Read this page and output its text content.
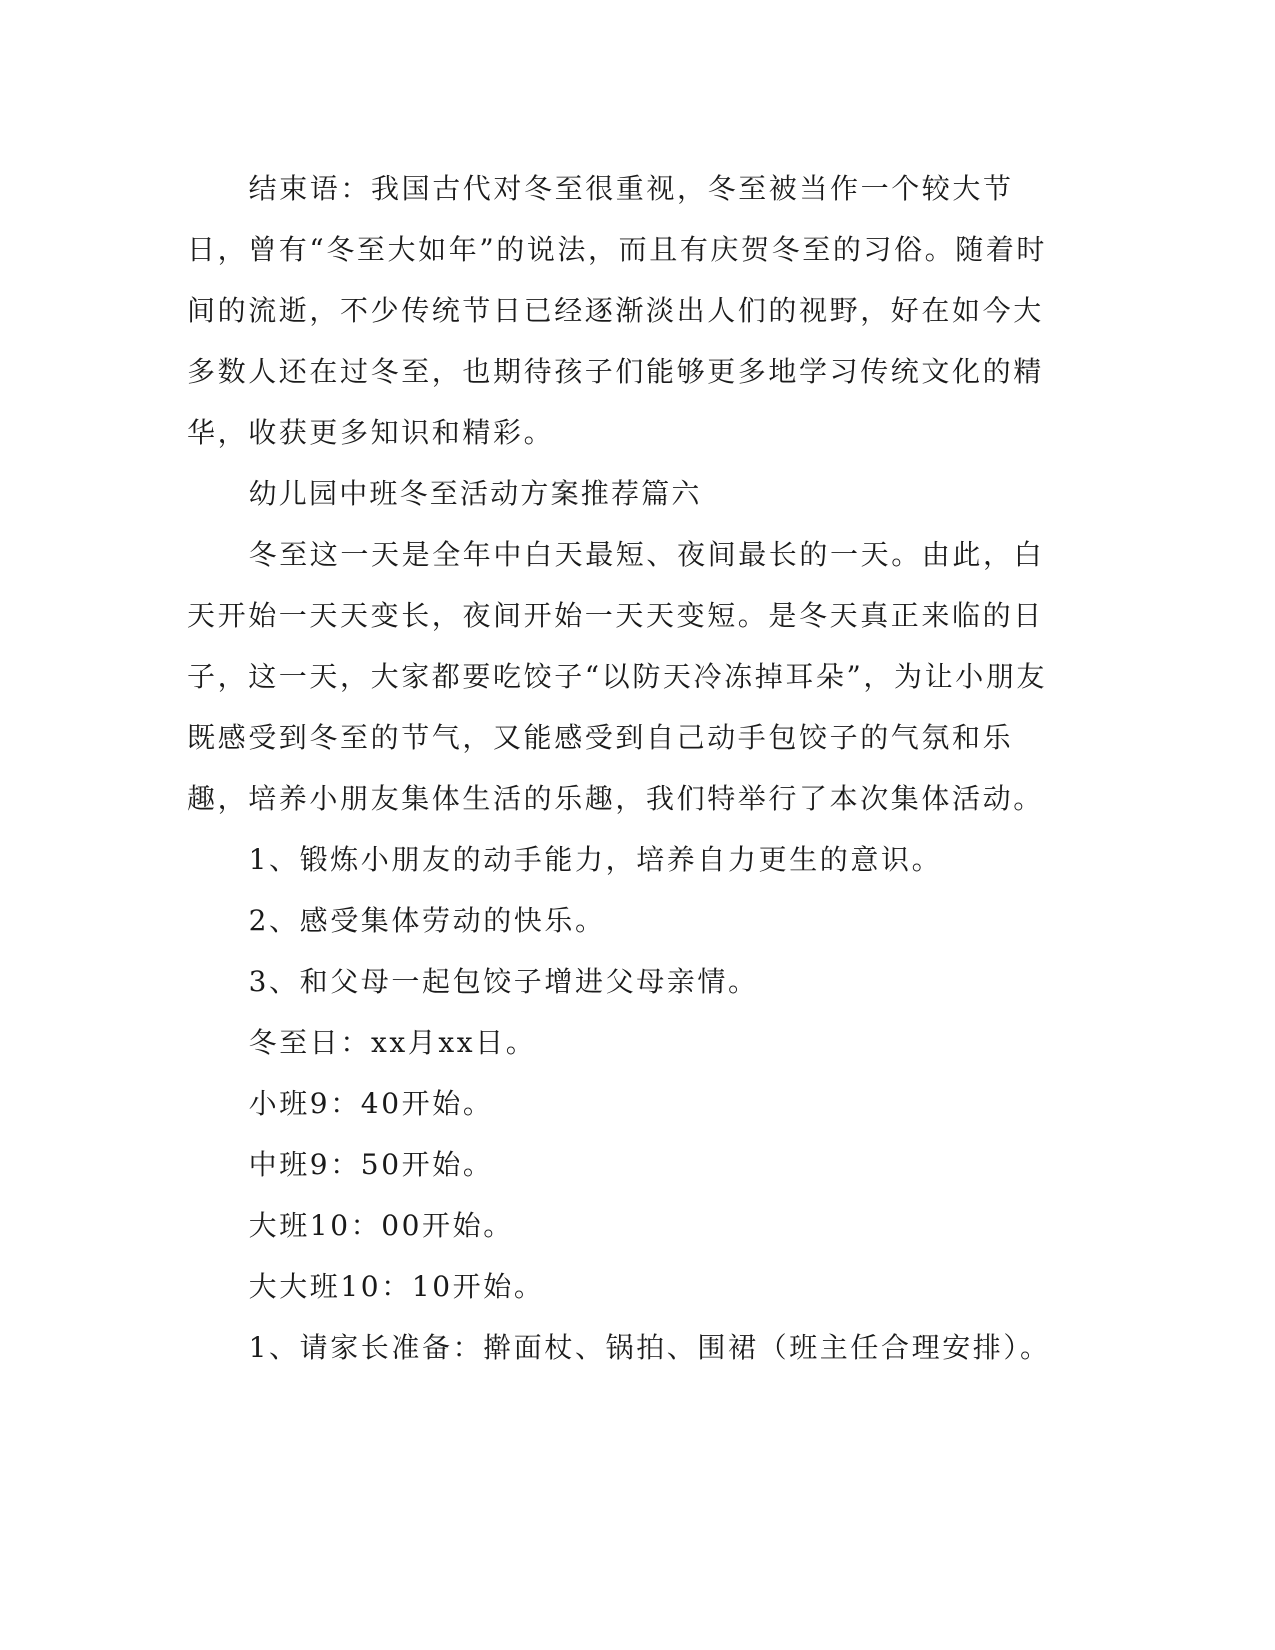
结束语：我国古代对冬至很重视，冬至被当作一个较大节日，曾有“冬至大如年”的说法，而且有庆贺冬至的习俗。随着时间的流逝，不少传统节日已经逐渐淡出人们的视野，好在如今大多数人还在过冬至，也期待孩子们能够更多地学习传统文化的精华，收获更多知识和精彩。

幼儿园中班冬至活动方案推荐篇六

冬至这一天是全年中白天最短、夜间最长的一天。由此，白天开始一天天变长，夜间开始一天天变短。是冬天真正来临的日子，这一天，大家都要吃饺子“以防天冷冻掉耳朵”，为让小朋友既感受到冬至的节气，又能感受到自己动手包饺子的气氛和乐趣，培养小朋友集体生活的乐趣，我们特举行了本次集体活动。

1、锻炼小朋友的动手能力，培养自力更生的意识。

2、感受集体劳动的快乐。

3、和父母一起包饺子增进父母亲情。

冬至日：xx月xx日。

小班9：40开始。

中班9：50开始。

大班10：00开始。

大大班10：10开始。

1、请家长准备：擀面杖、锅拍、围裙（班主任合理安排）。
